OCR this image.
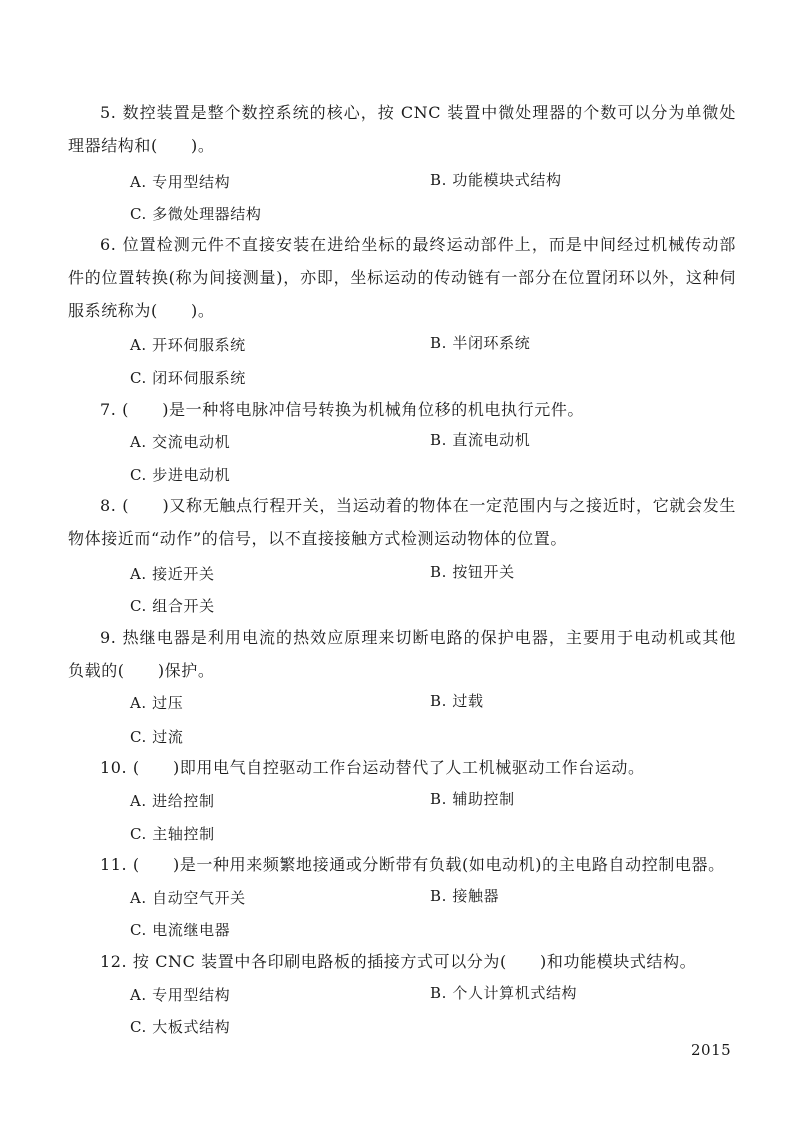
5. 数控装置是整个数控系统的核心，按 CNC 装置中微处理器的个数可以分为单微处理器结构和(　　)。
A. 专用型结构	B. 功能模块式结构
C. 多微处理器结构
6. 位置检测元件不直接安装在进给坐标的最终运动部件上，而是中间经过机械传动部件的位置转换(称为间接测量)，亦即，坐标运动的传动链有一部分在位置闭环以外，这种伺服系统称为(　　)。
A. 开环伺服系统	B. 半闭环系统
C. 闭环伺服系统
7. (　　)是一种将电脉冲信号转换为机械角位移的机电执行元件。
A. 交流电动机	B. 直流电动机
C. 步进电动机
8. (　　)又称无触点行程开关，当运动着的物体在一定范围内与之接近时，它就会发生物体接近而“动作”的信号，以不直接接触方式检测运动物体的位置。
A. 接近开关	B. 按钮开关
C. 组合开关
9. 热继电器是利用电流的热效应原理来切断电路的保护电器，主要用于电动机或其他负载的(　　)保护。
A. 过压	B. 过载
C. 过流
10. (　　)即用电气自控驱动工作台运动替代了人工机械驱动工作台运动。
A. 进给控制	B. 辅助控制
C. 主轴控制
11. (　　)是一种用来频繁地接通或分断带有负载(如电动机)的主电路自动控制电器。
A. 自动空气开关	B. 接触器
C. 电流继电器
12. 按 CNC 装置中各印刷电路板的插接方式可以分为(　　)和功能模块式结构。
A. 专用型结构	B. 个人计算机式结构
C. 大板式结构
2015
